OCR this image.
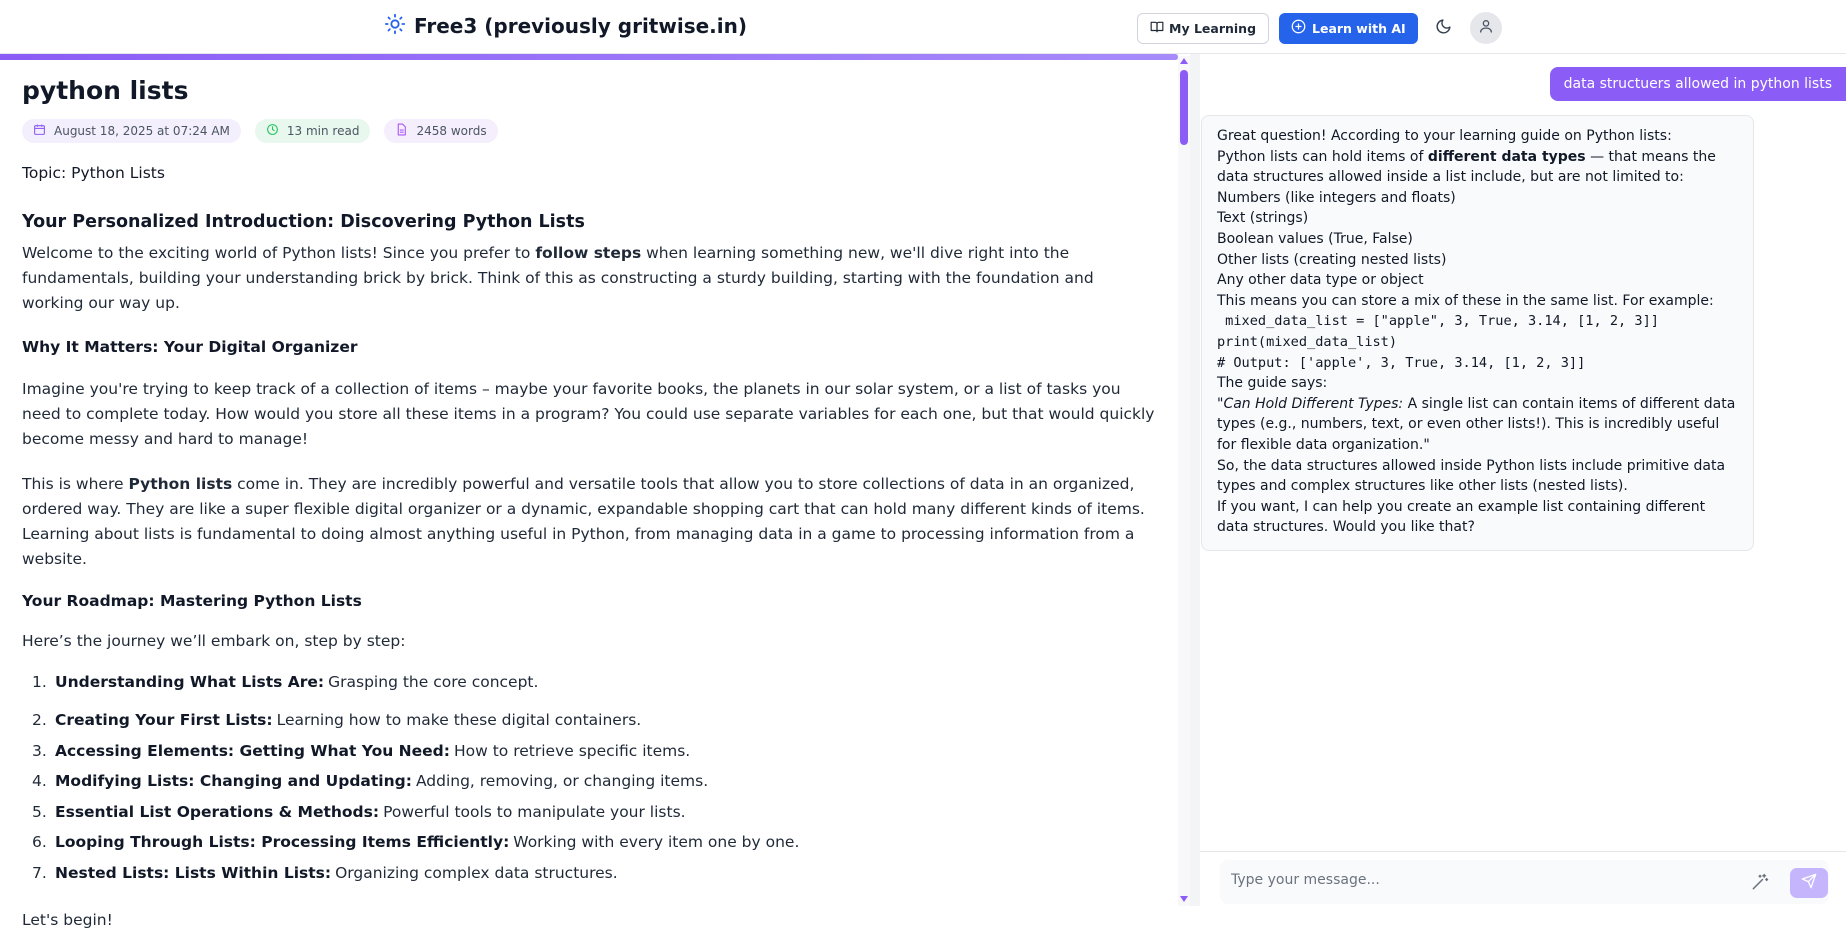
Free3 (previously gritwise.in)	My Learning	Learn with AI
python lists
August 18, 2025 at 07:24 AM	13 min read	2458 words
Topic: Python Lists
Your Personalized Introduction: Discovering Python Lists

Welcome to the exciting world of Python lists! Since you prefer to follow steps when learning something new, we'll dive right into the fundamentals, building your understanding brick by brick. Think of this as constructing a sturdy building, starting with the foundation and working our way up.

Why It Matters: Your Digital Organizer

Imagine you're trying to keep track of a collection of items – maybe your favorite books, the planets in our solar system, or a list of tasks you need to complete today. How would you store all these items in a program? You could use separate variables for each one, but that would quickly become messy and hard to manage!

This is where Python lists come in. They are incredibly powerful and versatile tools that allow you to store collections of data in an organized, ordered way. They are like a super flexible digital organizer or a dynamic, expandable shopping cart that can hold many different kinds of items. Learning about lists is fundamental to doing almost anything useful in Python, from managing data in a game to processing information from a website.

Your Roadmap: Mastering Python Lists

Here’s the journey we’ll embark on, step by step:

1. Understanding What Lists Are: Grasping the core concept.
2. Creating Your First Lists: Learning how to make these digital containers.
3. Accessing Elements: Getting What You Need: How to retrieve specific items.
4. Modifying Lists: Changing and Updating: Adding, removing, or changing items.
5. Essential List Operations & Methods: Powerful tools to manipulate your lists.
6. Looping Through Lists: Processing Items Efficiently: Working with every item one by one.
7. Nested Lists: Lists Within Lists: Organizing complex data structures.

Let's begin!

data structuers allowed in python lists
Great question! According to your learning guide on Python lists:
Python lists can hold items of different data types — that means the data structures allowed inside a list include, but are not limited to:
Numbers (like integers and floats)
Text (strings)
Boolean values (True, False)
Other lists (creating nested lists)
Any other data type or object
This means you can store a mix of these in the same list. For example:
mixed_data_list = ["apple", 3, True, 3.14, [1, 2, 3]]
print(mixed_data_list)
# Output: ['apple', 3, True, 3.14, [1, 2, 3]]
The guide says:
"Can Hold Different Types: A single list can contain items of different data types (e.g., numbers, text, or even other lists!). This is incredibly useful for flexible data organization."
So, the data structures allowed inside Python lists include primitive data types and complex structures like other lists (nested lists).
If you want, I can help you create an example list containing different data structures. Would you like that?
Type your message...
